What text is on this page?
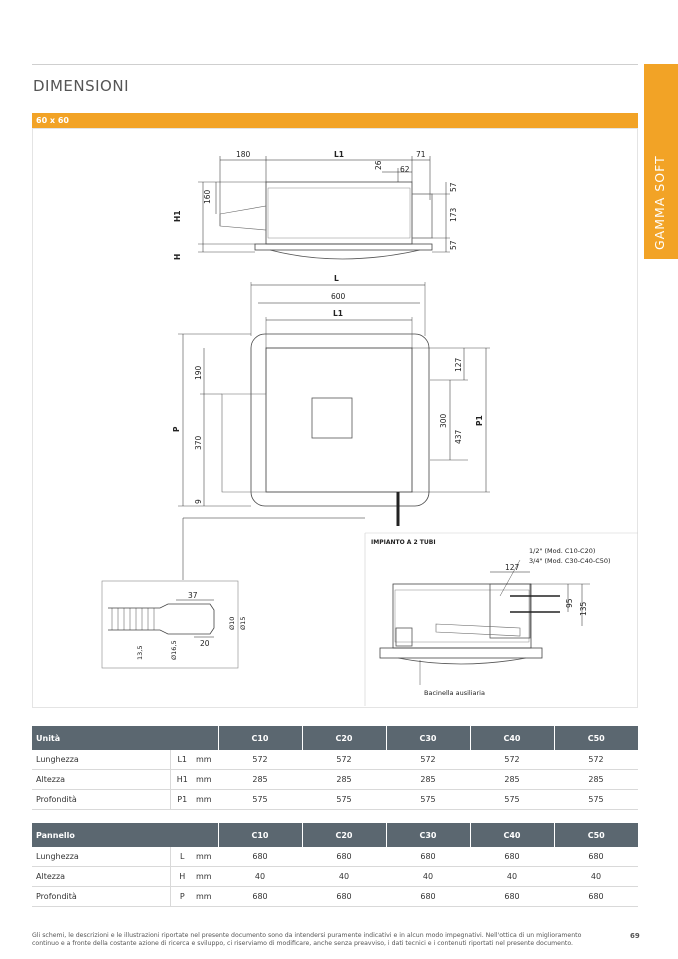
DIMENSIONI
GAMMA SOFT
60 x 60
180	L1	71
26 62
57
173
57
H1
160
H
L
600
L1
P
190
370
9
127
300
437
P1
37
20
Ø10 Ø15
Ø16,5
13,5
IMPIANTO A 2 TUBI
1/2" (Mod. C10-C20)
3/4" (Mod. C30-C40-C50)
127
95 135
Bacinella ausiliaria
Unità			C10	C20	C30	C40	C50
Lunghezza	L1	mm	572	572	572	572	572
Altezza	H1	mm	285	285	285	285	285
Profondità	P1	mm	575	575	575	575	575
Pannello			C10	C20	C30	C40	C50
Lunghezza	L	mm	680	680	680	680	680
Altezza	H	mm	40	40	40	40	40
Profondità	P	mm	680	680	680	680	680
Gli schemi, le descrizioni e le illustrazioni riportate nel presente documento sono da intendersi puramente indicativi e in alcun modo impegnativi. Nell'ottica di un miglioramento continuo e a fronte della costante azione di ricerca e sviluppo, ci riserviamo di modificare, anche senza preavviso, i dati tecnici e i contenuti riportati nel presente documento.
69
